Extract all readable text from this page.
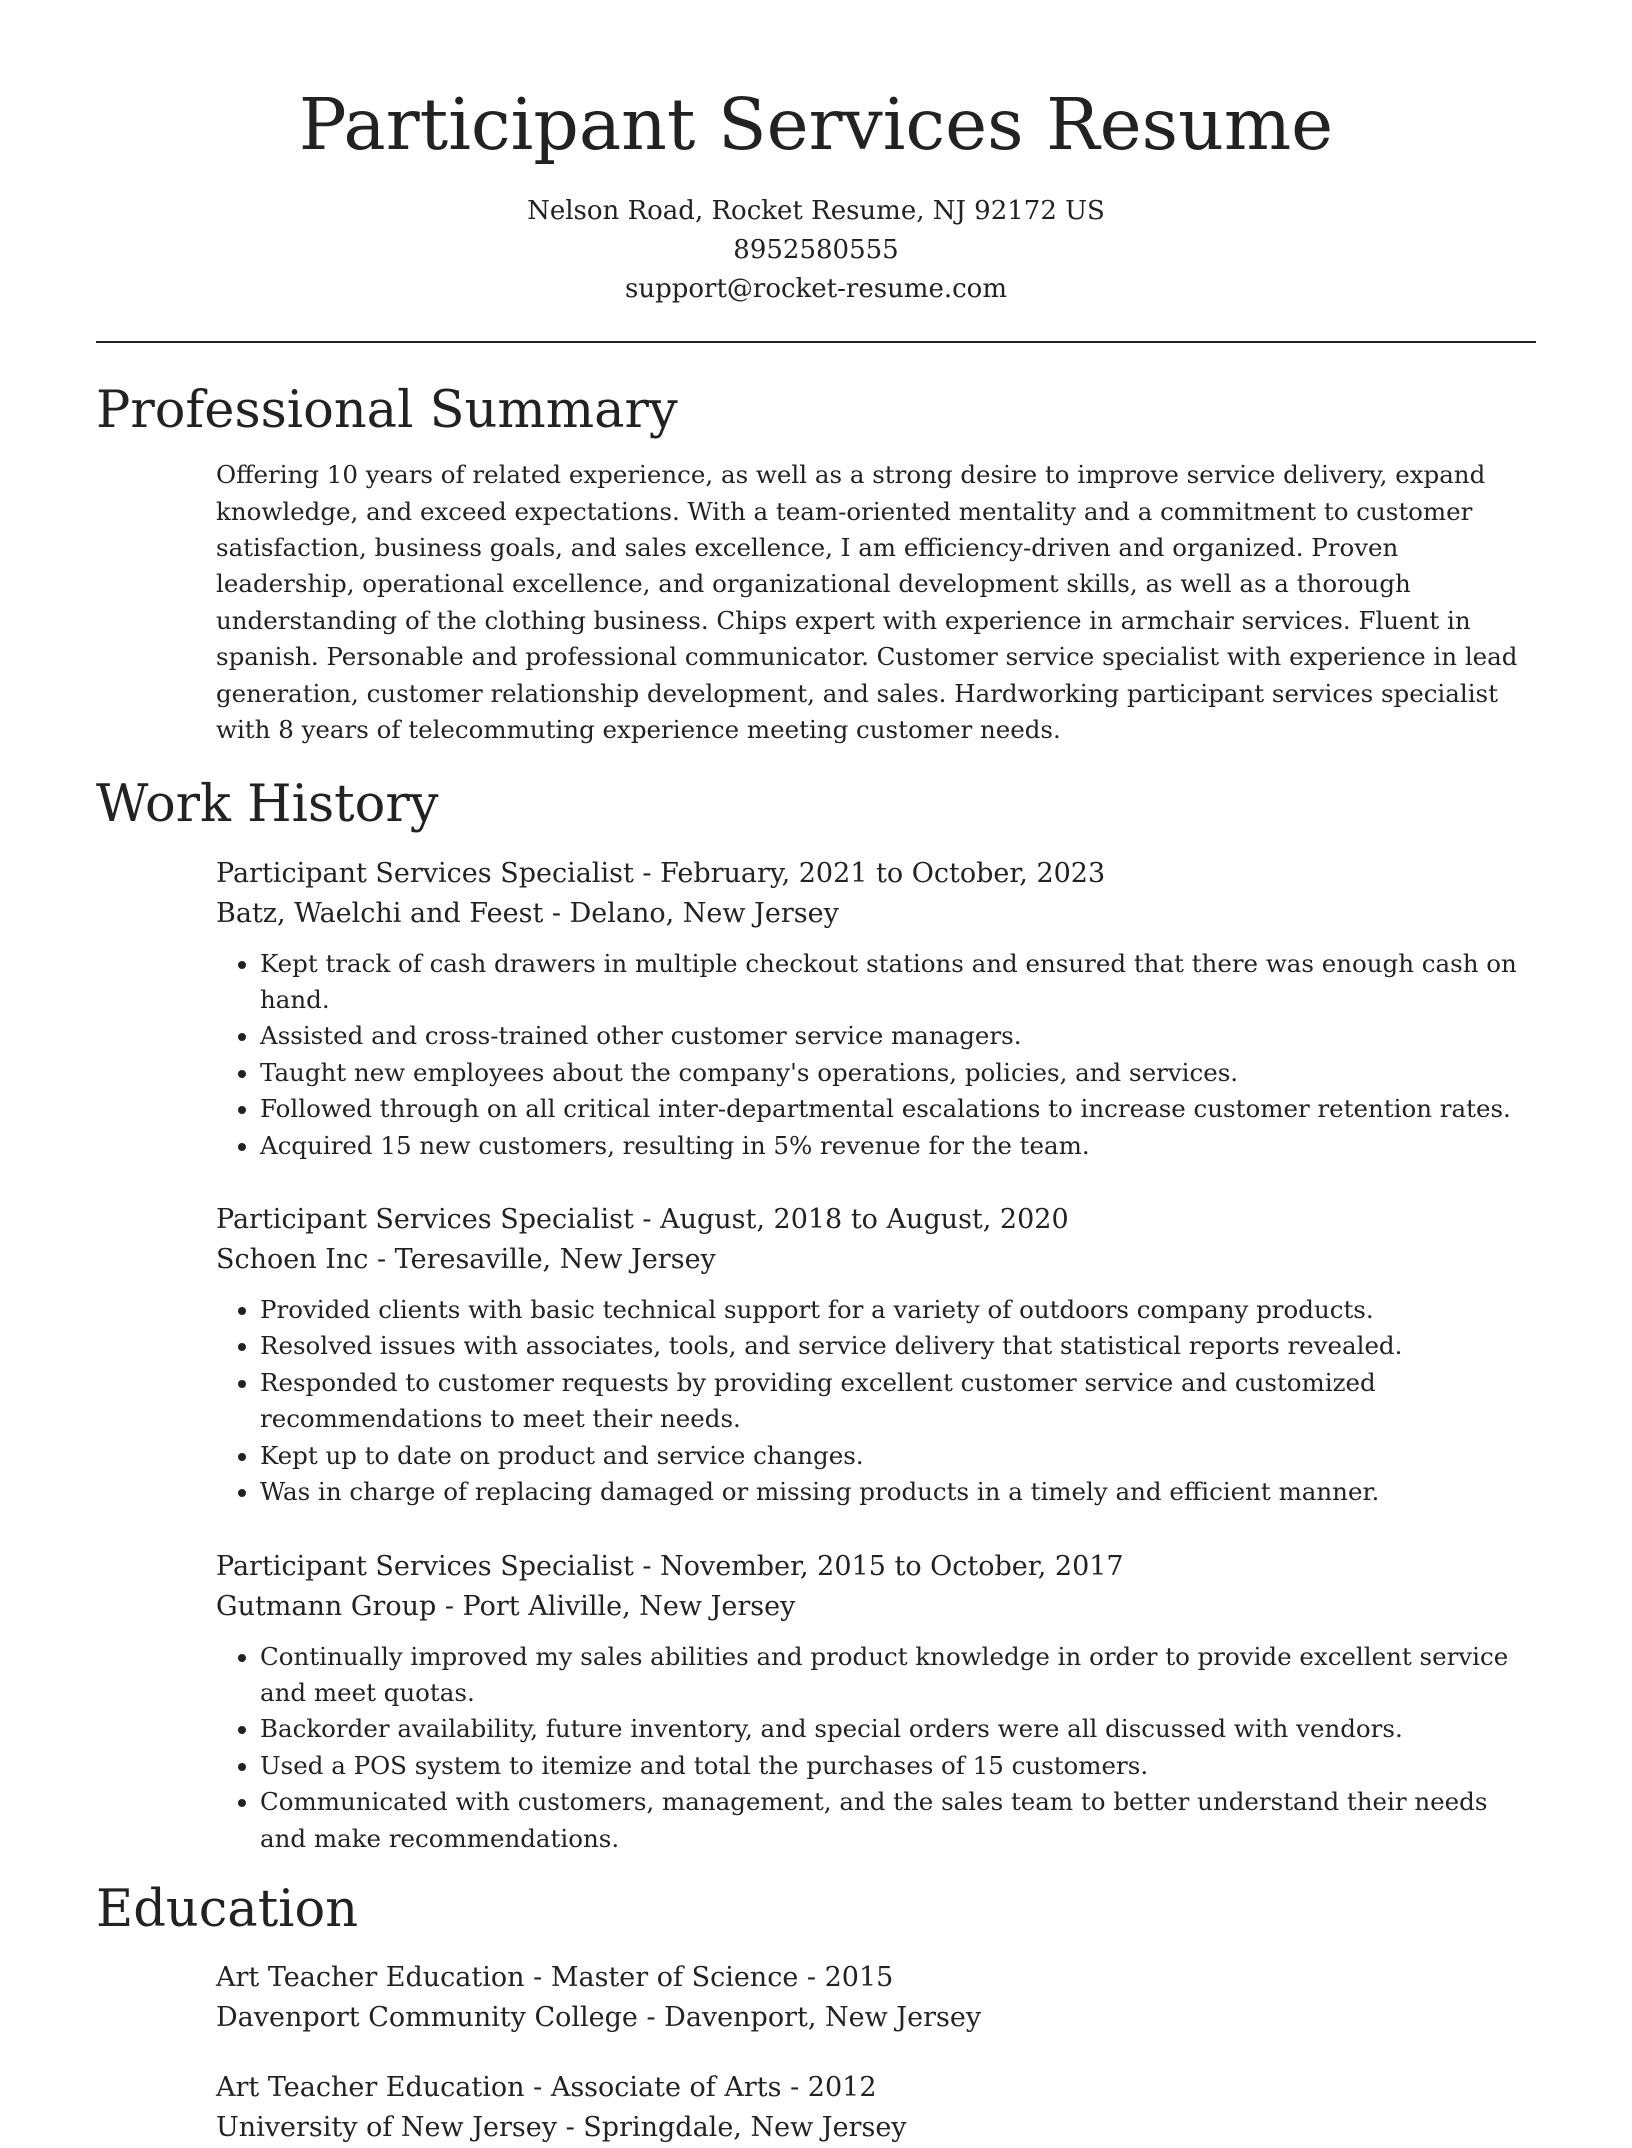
Participant Services Resume
Nelson Road, Rocket Resume, NJ 92172 US
8952580555
support@rocket-resume.com
Professional Summary

Offering 10 years of related experience, as well as a strong desire to improve service delivery, expand knowledge, and exceed expectations. With a team-oriented mentality and a commitment to customer satisfaction, business goals, and sales excellence, I am efficiency-driven and organized. Proven leadership, operational excellence, and organizational development skills, as well as a thorough understanding of the clothing business. Chips expert with experience in armchair services. Fluent in spanish. Personable and professional communicator. Customer service specialist with experience in lead generation, customer relationship development, and sales. Hardworking participant services specialist with 8 years of telecommuting experience meeting customer needs.

Work History
Participant Services Specialist - February, 2021 to October, 2023
Batz, Waelchi and Feest - Delano, New Jersey
• Kept track of cash drawers in multiple checkout stations and ensured that there was enough cash on hand.
• Assisted and cross-trained other customer service managers.
• Taught new employees about the company's operations, policies, and services.
• Followed through on all critical inter-departmental escalations to increase customer retention rates.
• Acquired 15 new customers, resulting in 5% revenue for the team.
Participant Services Specialist - August, 2018 to August, 2020
Schoen Inc - Teresaville, New Jersey
• Provided clients with basic technical support for a variety of outdoors company products.
• Resolved issues with associates, tools, and service delivery that statistical reports revealed.
• Responded to customer requests by providing excellent customer service and customized recommendations to meet their needs.
• Kept up to date on product and service changes.
• Was in charge of replacing damaged or missing products in a timely and efficient manner.
Participant Services Specialist - November, 2015 to October, 2017
Gutmann Group - Port Aliville, New Jersey
• Continually improved my sales abilities and product knowledge in order to provide excellent service and meet quotas.
• Backorder availability, future inventory, and special orders were all discussed with vendors.
• Used a POS system to itemize and total the purchases of 15 customers.
• Communicated with customers, management, and the sales team to better understand their needs and make recommendations.
Education
Art Teacher Education - Master of Science - 2015
Davenport Community College - Davenport, New Jersey
Art Teacher Education - Associate of Arts - 2012
University of New Jersey - Springdale, New Jersey
